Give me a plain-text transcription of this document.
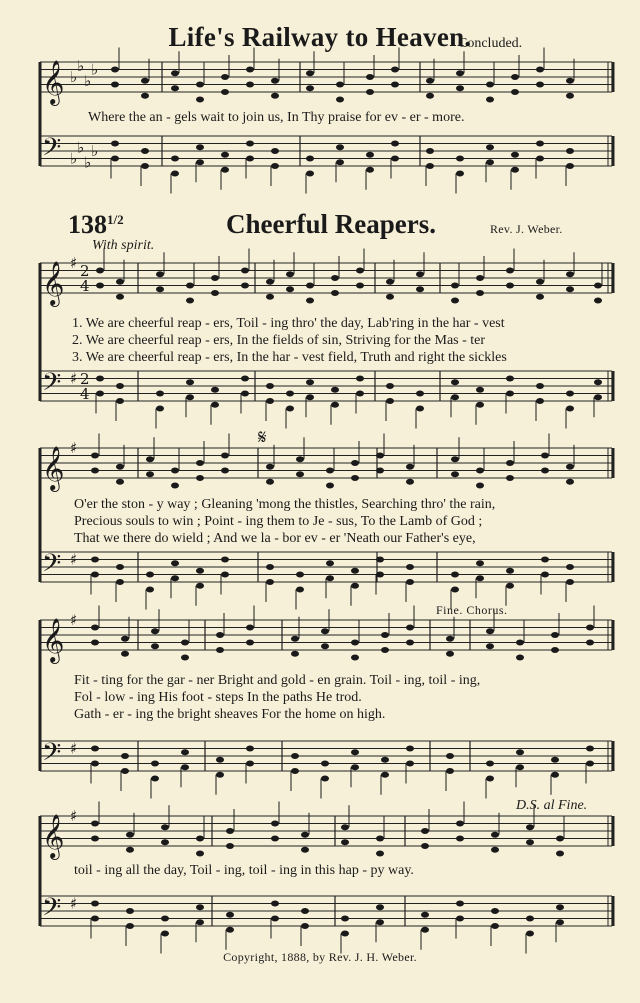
Life's Railway to Heaven.
Concluded.
$138^{1/2}$	Cheerful Reapers.	Rev. J. Weber.
With spirit.
Fine. Chorus.
D.S. al Fine.
Copyright, 1888, by Rev. J. H. Weber.
Where the an - gels wait to join us, In Thy praise for ev - er - more.
1. We are cheerful reap - ers, Toil - ing thro' the day, Lab'ring in the har - vest
2. We are cheerful reap - ers, In the fields of sin, Striving for the Mas - ter
3. We are cheerful reap - ers, In the har - vest field, Truth and right the sickles
O'er the ston - y way ; Gleaning 'mong the thistles, Searching thro' the rain,
Precious souls to win ; Point - ing them to Je - sus, To the Lamb of God ;
That we there do wield ; And we la - bor ev - er 'Neath our Father's eye,
Fit - ting for the gar - ner Bright and gold - en grain. Toil - ing, toil - ing,
Fol - low - ing His foot - steps In the paths He trod.
Gath - er - ing the bright sheaves For the home on high.
toil - ing all the day, Toil - ing, toil - ing in this hap - py way.
𝄞 ♭
♭
♭
♭
𝄢 ♭
♭
♭
♭
𝄞 ♯
𝄢 ♯
2
4
2
4
𝄞 ♯
𝄢 ♯
𝄞 ♯
𝄢 ♯
𝄞 ♯
𝄢 ♯
𝄋
